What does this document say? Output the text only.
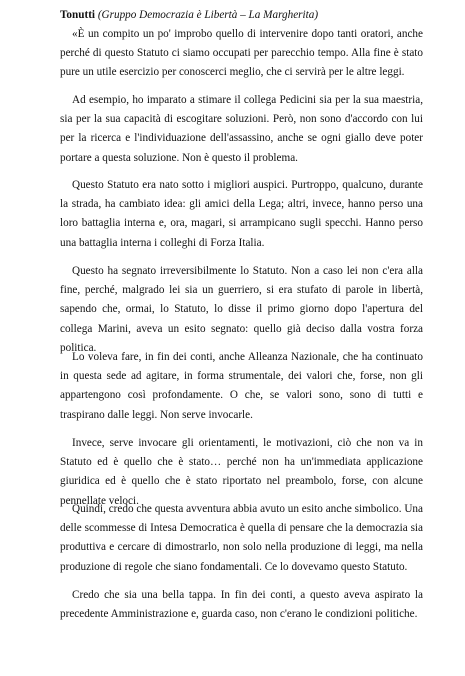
Tonutti (Gruppo Democrazia è Libertà – La Margherita)

«È un compito un po' improbo quello di intervenire dopo tanti oratori, anche perché di questo Statuto ci siamo occupati per parecchio tempo. Alla fine è stato pure un utile esercizio per conoscerci meglio, che ci servirà per le altre leggi.

Ad esempio, ho imparato a stimare il collega Pedicini sia per la sua maestria, sia per la sua capacità di escogitare soluzioni. Però, non sono d'accordo con lui per la ricerca e l'individuazione dell'assassino, anche se ogni giallo deve poter portare a questa soluzione. Non è questo il problema.

Questo Statuto era nato sotto i migliori auspici. Purtroppo, qualcuno, durante la strada, ha cambiato idea: gli amici della Lega; altri, invece, hanno perso una loro battaglia interna e, ora, magari, si arrampicano sugli specchi. Hanno perso una battaglia interna i colleghi di Forza Italia.

Questo ha segnato irreversibilmente lo Statuto. Non a caso lei non c'era alla fine, perché, malgrado lei sia un guerriero, si era stufato di parole in libertà, sapendo che, ormai, lo Statuto, lo disse il primo giorno dopo l'apertura del collega Marini, aveva un esito segnato: quello già deciso dalla vostra forza politica.

Lo voleva fare, in fin dei conti, anche Alleanza Nazionale, che ha continuato in questa sede ad agitare, in forma strumentale, dei valori che, forse, non gli appartengono così profondamente. O che, se valori sono, sono di tutti e traspirano dalle leggi. Non serve invocarle.

Invece, serve invocare gli orientamenti, le motivazioni, ciò che non va in Statuto ed è quello che è stato… perché non ha un'immediata applicazione giuridica ed è quello che è stato riportato nel preambolo, forse, con alcune pennellate veloci.

Quindi, credo che questa avventura abbia avuto un esito anche simbolico. Una delle scommesse di Intesa Democratica è quella di pensare che la democrazia sia produttiva e cercare di dimostrarlo, non solo nella produzione di leggi, ma nella produzione di regole che siano fondamentali. Ce lo dovevamo questo Statuto.

Credo che sia una bella tappa. In fin dei conti, a questo aveva aspirato la precedente Amministrazione e, guarda caso, non c'erano le condizioni politiche.
